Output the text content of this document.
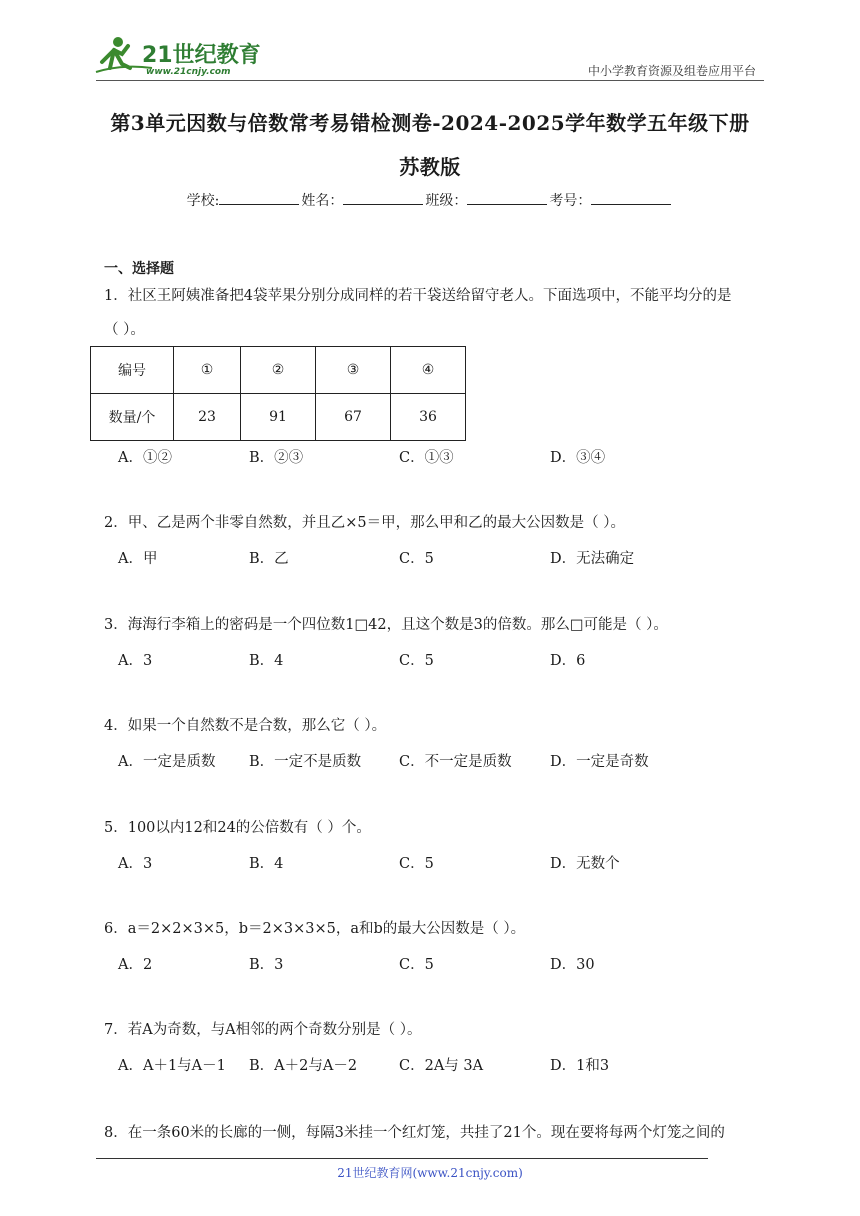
21世纪教育
www.21cnjy.com	中小学教育资源及组卷应用平台
第3单元因数与倍数常考易错检测卷-2024-2025学年数学五年级下册
苏教版
学校:	姓名：	班级：	考号：
一、选择题
1．社区王阿姨准备把4袋苹果分别分成同样的若干袋送给留守老人。下面选项中，不能平均分的是
（ ）。
编号	①	②	③	④
数量/个	23	91	67	36
A．①②	B．②③	C．①③	D．③④
2．甲、乙是两个非零自然数，并且乙×5＝甲，那么甲和乙的最大公因数是（ ）。
A．甲	B．乙	C．5	D．无法确定
3．海海行李箱上的密码是一个四位数1□42，且这个数是3的倍数。那么□可能是（ ）。
A．3	B．4	C．5	D．6
4．如果一个自然数不是合数，那么它（ ）。
A．一定是质数 B．一定不是质数	C．不一定是质数	D．一定是奇数
5．100以内12和24的公倍数有（ ）个。
A．3	B．4	C．5	D．无数个
6．a＝2×2×3×5，b＝2×3×3×5，a和b的最大公因数是（ ）。
A．2	B．3	C．5	D．30
7．若A为奇数，与A相邻的两个奇数分别是（ ）。
A．A＋1与A－1 B．A＋2与A－2	C．2A与 3A	D．1和3
8．在一条60米的长廊的一侧，每隔3米挂一个红灯笼，共挂了21个。现在要将每两个灯笼之间的
21世纪教育网(www.21cnjy.com)
